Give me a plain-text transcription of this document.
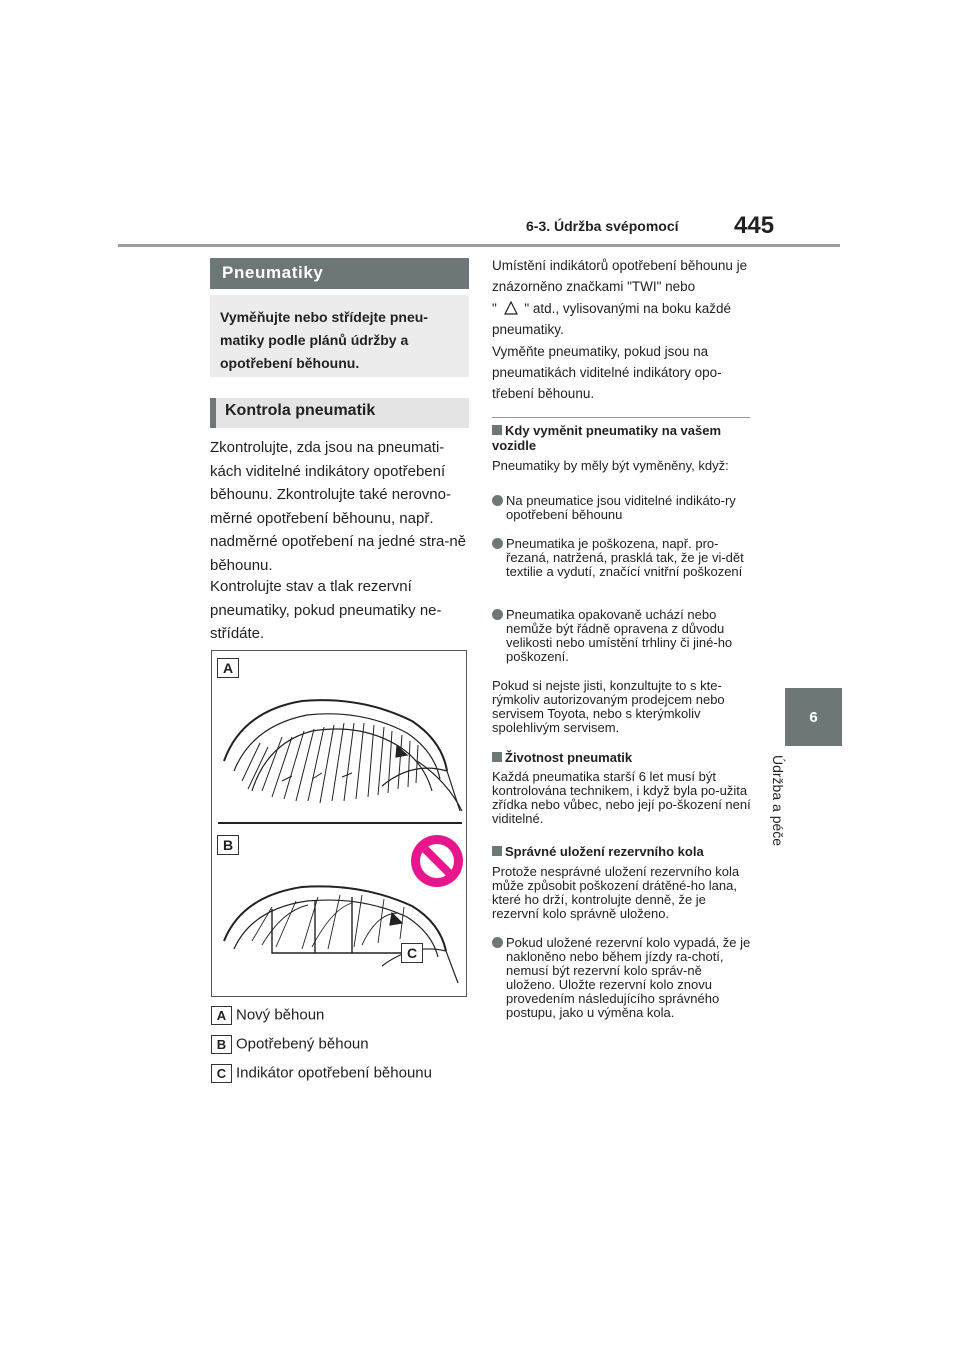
6-3. Údržba svépomocí 445
6
Údržba a péče
Pneumatiky
Vyměňujte nebo střídejte pneu-matiky podle plánů údržby a opotřebení běhounu.
Kontrola pneumatik
Zkontrolujte, zda jsou na pneumati-kách viditelné indikátory opotřebení běhounu. Zkontrolujte také nerovno-měrné opotřebení běhounu, např. nadměrné opotřebení na jedné stra-ně běhounu.
Kontrolujte stav a tlak rezervní pneumatiky, pokud pneumatiky ne-střídáte.
A
B
C
A Nový běhoun
B Opotřebený běhoun
C Indikátor opotřebení běhounu
Umístění indikátorů opotřebení běhounu je znázorněno značkami "TWI" nebo
" " atd., vylisovanými na boku každé pneumatiky.
Vyměňte pneumatiky, pokud jsou na pneumatikách viditelné indikátory opo-třebení běhounu.
Kdy vyměnit pneumatiky na vašem vozidle
Pneumatiky by měly být vyměněny, když:
Na pneumatice jsou viditelné indikáto-ry opotřebení běhounu
Pneumatika je poškozena, např. pro-řezaná, natržená, prasklá tak, že je vi-dět textilie a vydutí, značící vnitřní poškození
Pneumatika opakovaně uchází nebo nemůže být řádně opravena z důvodu velikosti nebo umístění trhliny či jiné-ho poškození.
Pokud si nejste jisti, konzultujte to s kte-rýmkoliv autorizovaným prodejcem nebo servisem Toyota, nebo s kterýmkoliv spolehlivým servisem.
Životnost pneumatik
Každá pneumatika starší 6 let musí být kontrolována technikem, i když byla po-užita zřídka nebo vůbec, nebo její po-škození není viditelné.
Správné uložení rezervního kola
Protože nesprávné uložení rezervního kola může způsobit poškození drátěné-ho lana, které ho drží, kontrolujte denně, že je rezervní kolo správně uloženo.
Pokud uložené rezervní kolo vypadá, že je nakloněno nebo během jízdy ra-chotí, nemusí být rezervní kolo správ-ně uloženo. Uložte rezervní kolo znovu provedením následujícího správného postupu, jako u výměna kola.
